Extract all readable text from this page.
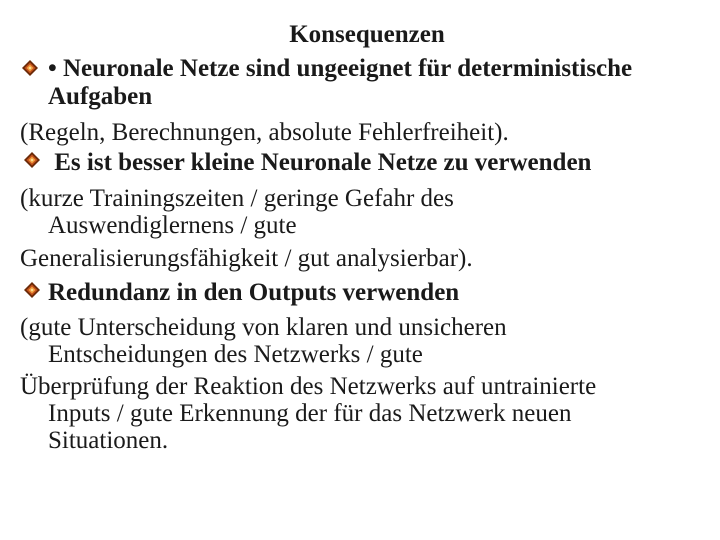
Konsequenzen
• Neuronale Netze sind ungeeignet für deterministische
Aufgaben
(Regeln, Berechnungen, absolute Fehlerfreiheit).
Es ist besser kleine Neuronale Netze zu verwenden
(kurze Trainingszeiten / geringe Gefahr des
Auswendiglernens / gute
Generalisierungsfähigkeit / gut analysierbar).
Redundanz in den Outputs verwenden
(gute Unterscheidung von klaren und unsicheren
Entscheidungen des Netzwerks / gute
Überprüfung der Reaktion des Netzwerks auf untrainierte
Inputs / gute Erkennung der für das Netzwerk neuen
Situationen.
